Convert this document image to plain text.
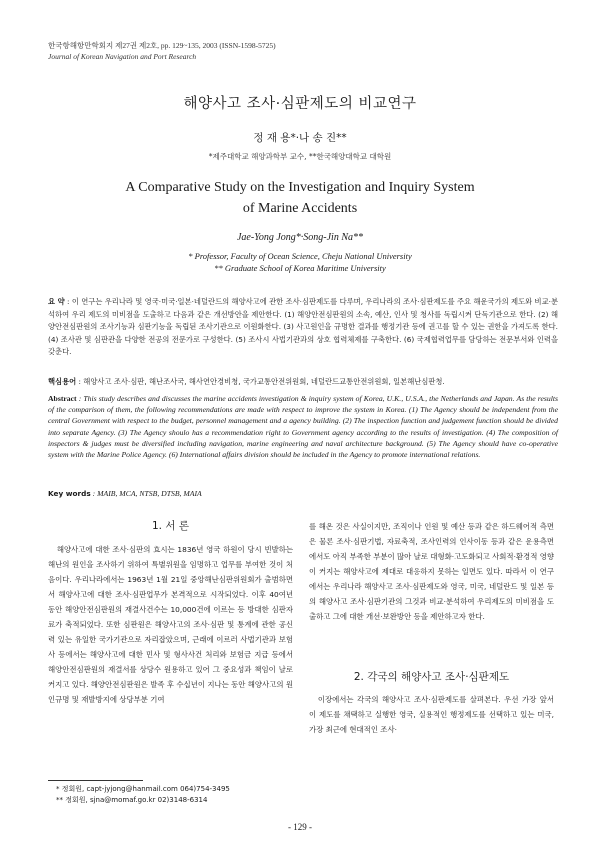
한국항해항만학회지 제27권 제2호, pp. 129~135, 2003 (ISSN-1598-5725)
Journal of Korean Navigation and Port Research
해양사고 조사·심판제도의 비교연구
정 재 용*·나 송 진**
*제주대학교 해양과학부 교수, **한국해양대학교 대학원
A Comparative Study on the Investigation and Inquiry System
of Marine Accidents
Jae-Yong Jong*·Song-Jin Na**
* Professor, Faculty of Ocean Science, Cheju National University
** Graduate School of Korea Maritime University
요 약 : 이 연구는 우리나라 및 영국·미국·일본·네덜란드의 해양사고에 관한 조사·심판제도를 다루며, 우리나라의 조사·심판제도를 주요 해운국가의 제도와 비교·분석하여 우리 제도의 미비점을 도출하고 다음과 같은 개선방안을 제안한다. (1) 해양안전심판원의 소속, 예산, 인사 및 청사를 독립시켜 단독기관으로 한다. (2) 해양안전심판원의 조사기능과 심판기능을 독립된 조사기관으로 이원화한다. (3) 사고원인을 규명한 결과를 행정기관 등에 권고를 할 수 있는 권한을 가져도록 한다. (4) 조사관 및 심판관을 다양한 전공의 전문가로 구성한다. (5) 조사시 사법기관과의 상호 협력체제를 구축한다. (6) 국제협력업무를 담당하는 전문부서와 인력을 갖춘다.
핵심용어 : 해양사고 조사·심판, 해난조사국, 해사연안경비청, 국가교통안전위원회, 네덜란드교통안전위원회, 일본해난심판청.
Abstract : This study describes and discusses the marine accidents investigation & inquiry system of Korea, U.K., U.S.A., the Netherlands and Japan. As the results of the comparison of them, the following recommendations are made with respect to improve the system in Korea. (1) The Agency should be independent from the central Government with respect to the budget, personnel management and a agency building. (2) The inspection function and judgement function should be divided into separate Agency. (3) The Agency shoulo has a recommendation right to Government agency according to the results of investigation. (4) The composition of inspectors & judges must be diversified including navigation, marine engineering and naval architecture background. (5) The Agency should have co-operative system with the Marine Police Agency. (6) International affairs division should be included in the Agency to promote international relations.
Key words : MAIB, MCA, NTSB, DTSB, MAIA
1. 서 론

해양사고에 대한 조사·심판의 효시는 1836년 영국 하원이 당시 빈발하는 해난의 원인을 조사하기 위하여 특별위원을 임명하고 업무를 부여한 것이 처음이다. 우리나라에서는 1963년 1월 21일 중앙해난심판위원회가 출범하면서 해양사고에 대한 조사·심판업무가 본격적으로 시작되었다. 이후 40여년 동안 해양안전심판원의 재결사건수는 10,000건에 이르는 등 방대한 심판자료가 축적되었다. 또한 심판원은 해양사고의 조사·심판 및 통계에 관한 공신력 있는 유일한 국가기관으로 자리잡았으며, 근래에 이르러 사법기관과 보험사 등에서는 해양사고에 대한 민사 및 형사사건 처리와 보험금 지급 등에서 해양안전심판원의 재결서를 상당수 원용하고 있어 그 중요성과 책임이 날로 커지고 있다. 해양안전심판원은 발족 후 수십년이 지나는 동안 해양사고의 원인규명 및 재발방지에 상당부분 기여

를 해온 것은 사실이지만, 조직이나 인원 및 예산 등과 같은 하드웨어적 측면은 물론 조사·심판기법, 자료축적, 조사인력의 인사이동 등과 같은 운용측면에서도 아직 부족한 부분이 많아 날로 대형화·고도화되고 사회적·환경적 영향이 커지는 해양사고에 제대로 대응하지 못하는 일면도 있다. 따라서 이 연구에서는 우리나라 해양사고 조사·심판제도와 영국, 미국, 네덜란드 및 일본 등의 해양사고 조사·심판기관의 그것과 비교·분석하여 우리제도의 미비점을 도출하고 그에 대한 개선·보완방안 등을 제안하고자 한다.

2. 각국의 해양사고 조사·심판제도

이장에서는 각국의 해양사고 조사·심판제도를 살펴본다. 우선 가장 앞서 이 제도를 채택하고 실행한 영국, 실용적인 행정제도를 선택하고 있는 미국, 가장 최근에 현대적인 조사·

* 정회원, capt-jyjong@hanmail.com 064)754-3495
** 정회원, sjna@momaf.go.kr 02)3148-6314
- 129 -
